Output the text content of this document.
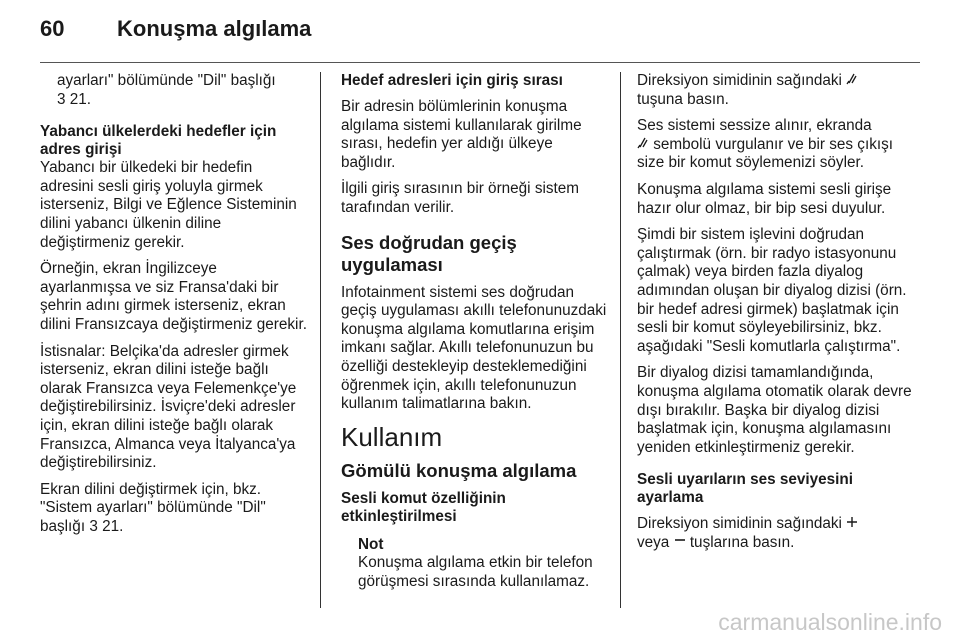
60 Konuşma algılama

ayarları" bölümünde "Dil" başlığı
3 21.

Yabancı ülkelerdeki hedefler için adres girişi

Yabancı bir ülkedeki bir hedefin adresini sesli giriş yoluyla girmek isterseniz, Bilgi ve Eğlence Sisteminin dilini yabancı ülkenin diline değiştirmeniz gerekir.

Örneğin, ekran İngilizceye ayarlanmışsa ve siz Fransa'daki bir şehrin adını girmek isterseniz, ekran dilini Fransızcaya değiştirmeniz gerekir.

İstisnalar: Belçika'da adresler girmek isterseniz, ekran dilini isteğe bağlı olarak Fransızca veya Felemenkçe'ye değiştirebilirsiniz. İsviçre'deki adresler için, ekran dilini isteğe bağlı olarak Fransızca, Almanca veya İtalyanca'ya değiştirebilirsiniz.

Ekran dilini değiştirmek için, bkz. "Sistem ayarları" bölümünde "Dil" başlığı 3 21.

Hedef adresleri için giriş sırası

Bir adresin bölümlerinin konuşma algılama sistemi kullanılarak girilme sırası, hedefin yer aldığı ülkeye bağlıdır.

İlgili giriş sırasının bir örneği sistem tarafından verilir.

Ses doğrudan geçiş uygulaması

Infotainment sistemi ses doğrudan geçiş uygulaması akıllı telefonunuzdaki konuşma algılama komutlarına erişim imkanı sağlar. Akıllı telefonunuzun bu özelliği destekleyip desteklemediğini öğrenmek için, akıllı telefonunuzun kullanım talimatlarına bakın.

Kullanım

Gömülü konuşma algılama

Sesli komut özelliğinin etkinleştirilmesi

Not
Konuşma algılama etkin bir telefon görüşmesi sırasında kullanılamaz.

Direksiyon simidinin sağındaki
tuşuna basın.

Ses sistemi sessize alınır, ekranda
sembolü vurgulanır ve bir ses çıkışı size bir komut söylemenizi söyler.

Konuşma algılama sistemi sesli girişe hazır olur olmaz, bir bip sesi duyulur.

Şimdi bir sistem işlevini doğrudan çalıştırmak (örn. bir radyo istasyonunu çalmak) veya birden fazla diyalog adımından oluşan bir diyalog dizisi (örn. bir hedef adresi girmek) başlatmak için sesli bir komut söyleyebilirsiniz, bkz. aşağıdaki "Sesli komutlarla çalıştırma".

Bir diyalog dizisi tamamlandığında, konuşma algılama otomatik olarak devre dışı bırakılır. Başka bir diyalog dizisi başlatmak için, konuşma algılamasını yeniden etkinleştirmeniz gerekir.

Sesli uyarıların ses seviyesini ayarlama

Direksiyon simidinin sağındaki
veya tuşlarına basın.

carmanualsonline.info
